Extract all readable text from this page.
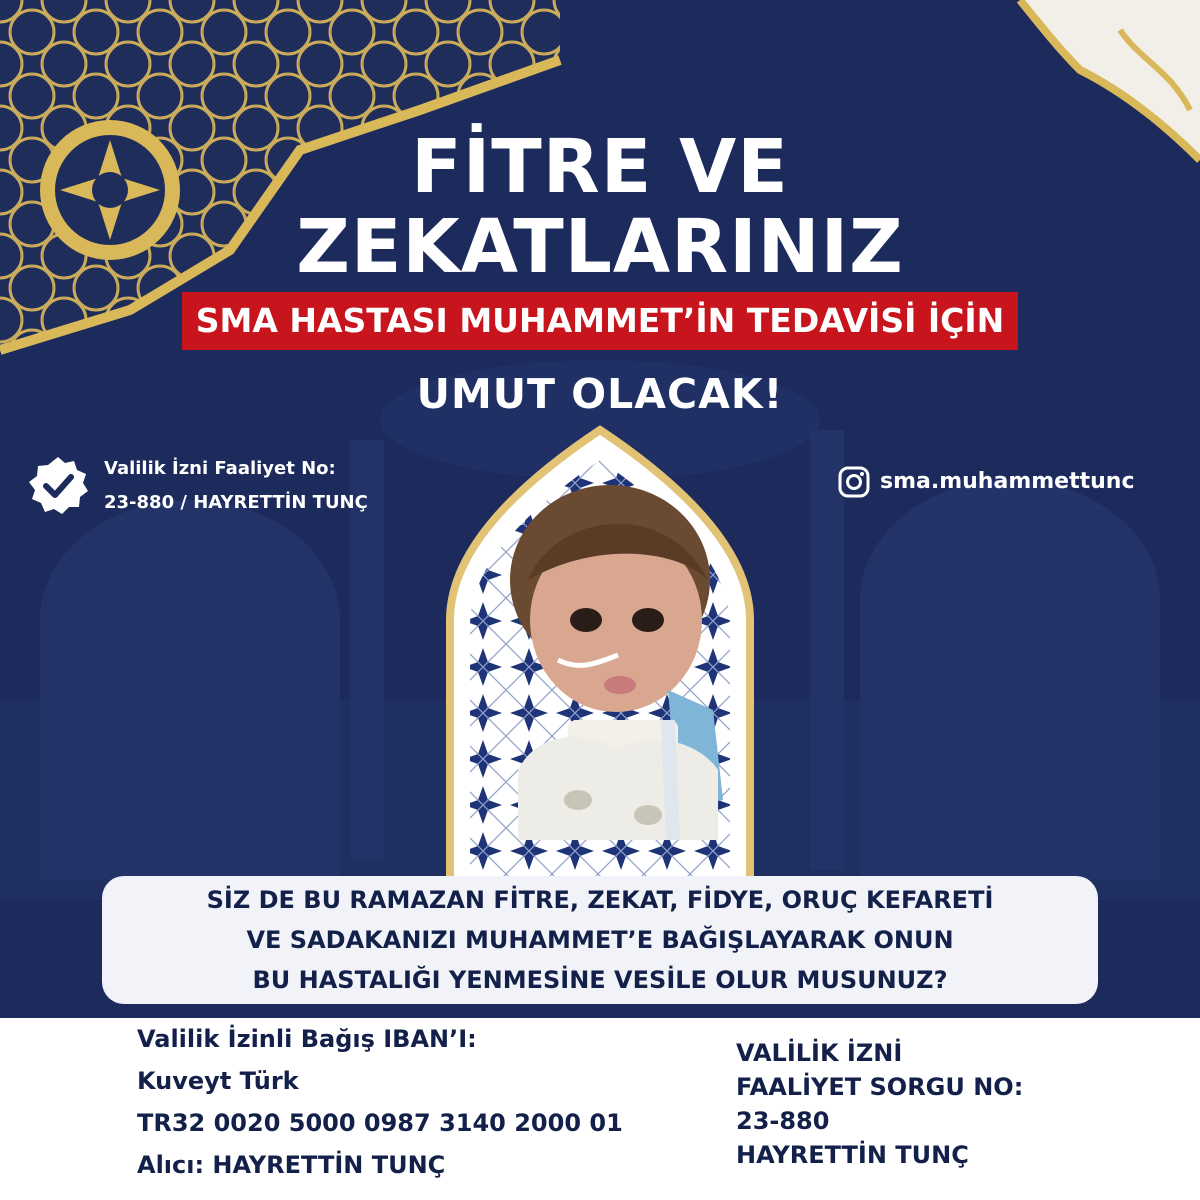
FİTRE VE
ZEKATLARINIZ
SMA HASTASI MUHAMMET’İN TEDAVİSİ İÇİN
UMUT OLACAK!
Valilik İzni Faaliyet No:
23-880 / HAYRETTİN TUNÇ
sma.muhammettunc
SİZ DE BU RAMAZAN FİTRE, ZEKAT, FİDYE, ORUÇ KEFARETİ
VE SADAKANIZI MUHAMMET’E BAĞIŞLAYARAK ONUN
BU HASTALIĞI YENMESİNE VESİLE OLUR MUSUNUZ?
Valilik İzinli Bağış IBAN’I:
Kuveyt Türk
TR32 0020 5000 0987 3140 2000 01
Alıcı: HAYRETTİN TUNÇ
VALİLİK İZNİ
FAALİYET SORGU NO:
23-880
HAYRETTİN TUNÇ
